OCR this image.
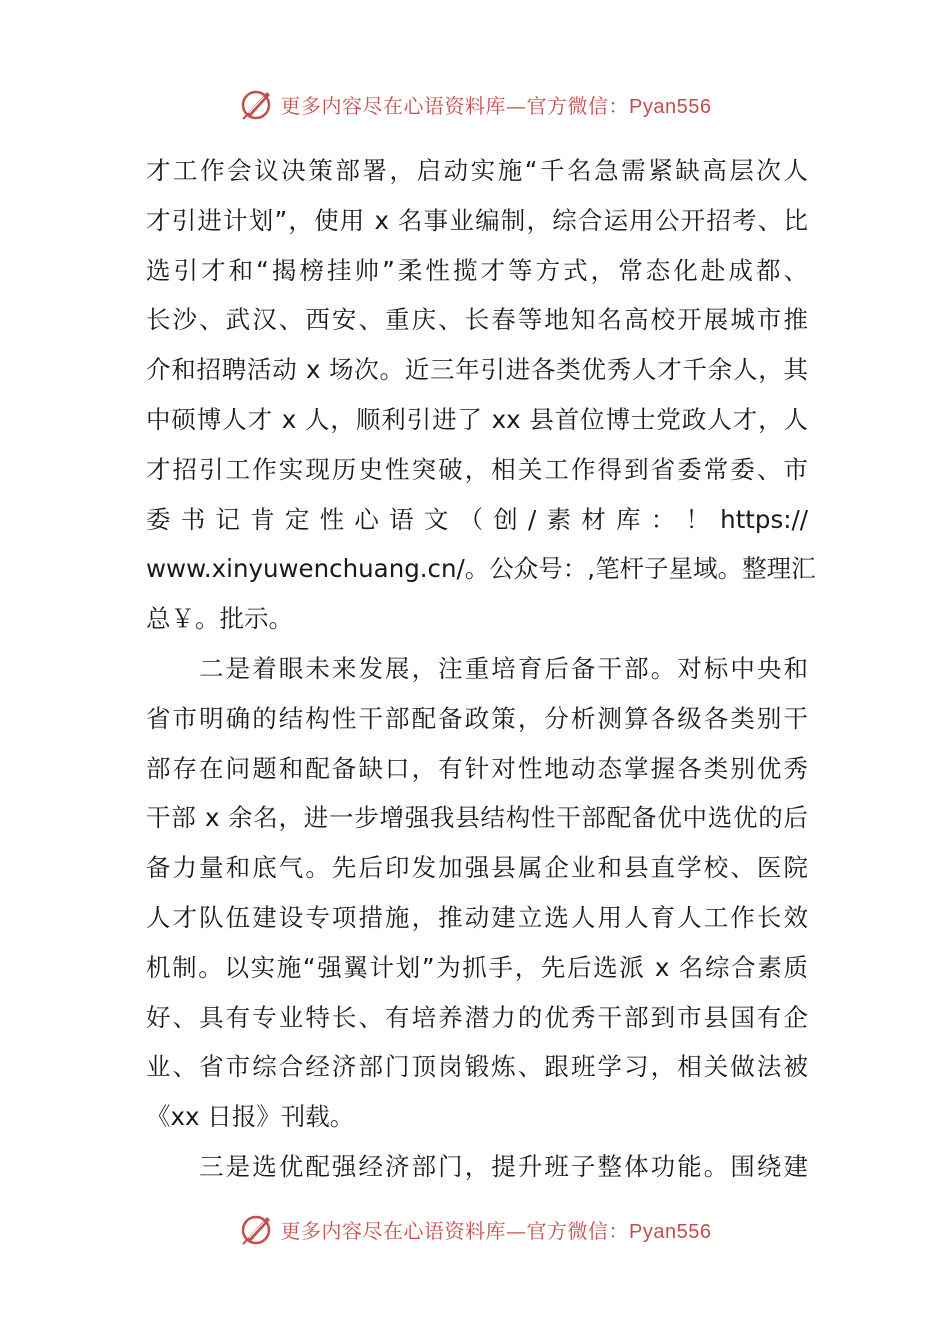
更多内容尽在心语资料库—官方微信：Pyan556
才工作会议决策部署，启动实施“千名急需紧缺高层次人
才引进计划”，使用 x 名事业编制，综合运用公开招考、比
选引才和“揭榜挂帅”柔性揽才等方式，常态化赴成都、
长沙、武汉、西安、重庆、长春等地知名高校开展城市推
介和招聘活动 x 场次。近三年引进各类优秀人才千余人，其
中硕博人才 x 人，顺利引进了 xx 县首位博士党政人才，人
才招引工作实现历史性突破，相关工作得到省委常委、市
委书记肯定性心语文（创/素材库：！https://
www.xinyuwenchuang.cn/。公众号：,笔杆子星域。整理汇
总￥。批示。
　　二是着眼未来发展，注重培育后备干部。对标中央和
省市明确的结构性干部配备政策，分析测算各级各类别干
部存在问题和配备缺口，有针对性地动态掌握各类别优秀
干部 x 余名，进一步增强我县结构性干部配备优中选优的后
备力量和底气。先后印发加强县属企业和县直学校、医院
人才队伍建设专项措施，推动建立选人用人育人工作长效
机制。以实施“强翼计划”为抓手，先后选派 x 名综合素质
好、具有专业特长、有培养潜力的优秀干部到市县国有企
业、省市综合经济部门顶岗锻炼、跟班学习，相关做法被
《xx 日报》刊载。
　　三是选优配强经济部门，提升班子整体功能。围绕建
更多内容尽在心语资料库—官方微信：Pyan556
